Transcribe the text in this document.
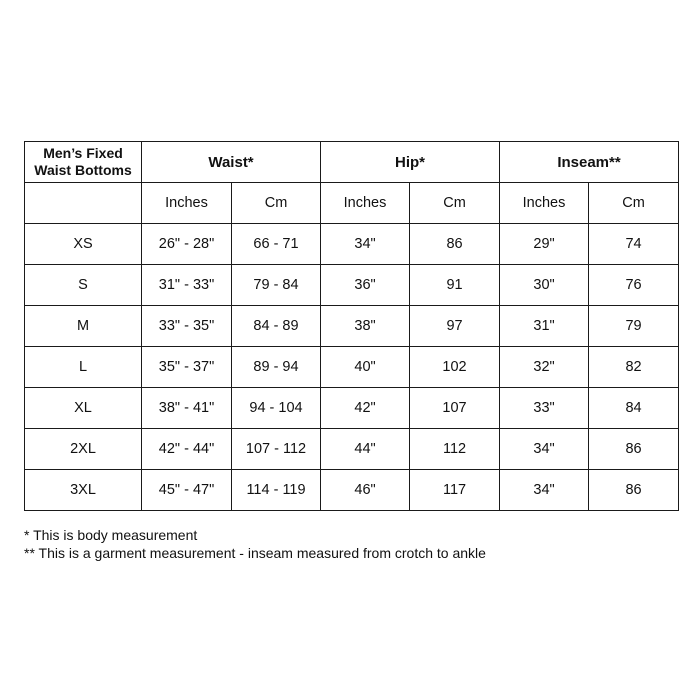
Men’s Fixed
Waist Bottoms	Waist*		Hip*		Inseam**	
	Inches	Cm	Inches	Cm	Inches	Cm
XS	26" - 28"	66 - 71	34"	86	29"	74
S	31" - 33"	79 - 84	36"	91	30"	76
M	33" - 35"	84 - 89	38"	97	31"	79
L	35" - 37"	89 - 94	40"	102	32"	82
XL	38" - 41"	94 - 104	42"	107	33"	84
2XL	42" - 44"	107 - 112	44"	112	34"	86
3XL	45" - 47"	114 - 119	46"	117	34"	86
* This is body measurement
** This is a garment measurement - inseam measured from crotch to ankle
